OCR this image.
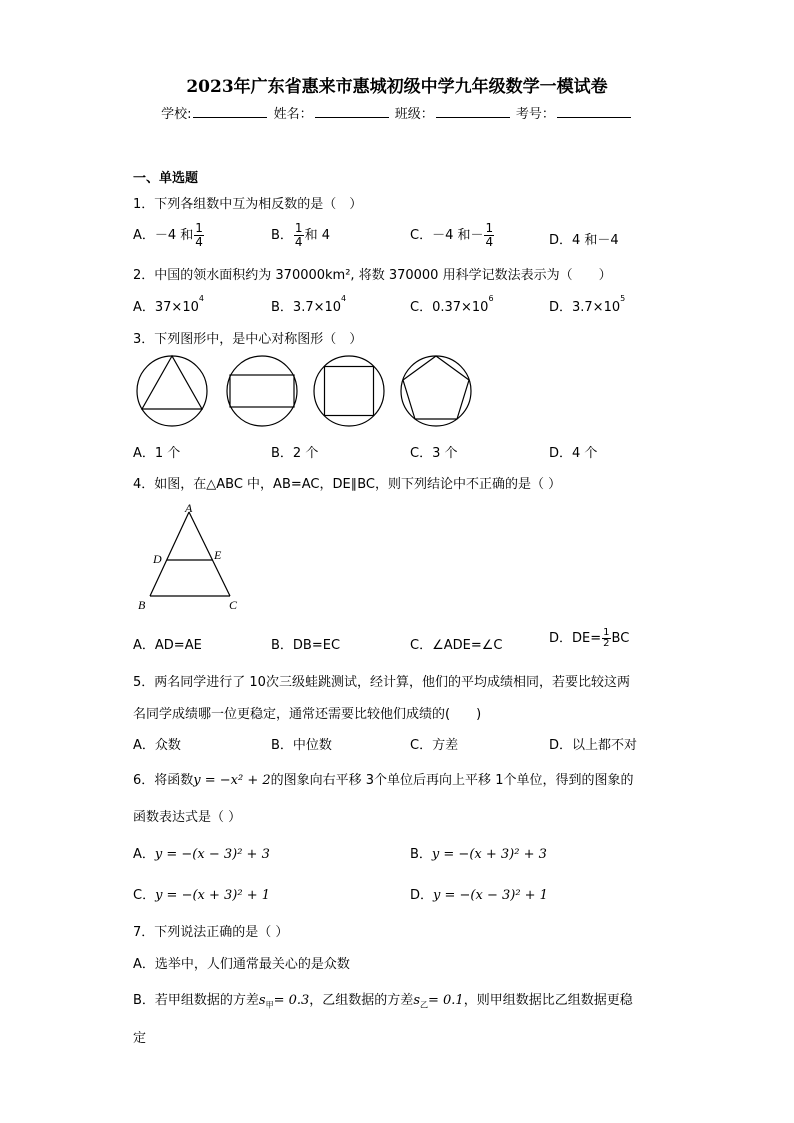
2023年广东省惠来市惠城初级中学九年级数学一模试卷
学校:	姓名：	班级：	考号：
一、单选题
1．下列各组数中互为相反数的是（　）
A．－4 和 $\frac{1}{4}$	B． $\frac{1}{4}$ 和 4	C．－4 和－ $\frac{1}{4}$	D．4 和－4
2．中国的领水面积约为 370000km², 将数 370000 用科学记数法表示为（　　）
A．$37\times 10^4$
B．$3.7\times 10^4$
C．$0.37\times 10^6$
D．$3.7\times 10^5$
3．下列图形中，是中心对称图形（　）
A．1 个	B．2 个	C．3 个	D．4 个
4．如图，在△ABC 中，AB=AC，DE∥BC，则下列结论中不正确的是（ ）
A
D	E
B	C
A．AD=AE	B．DB=EC	C．∠ADE=∠C	D．$DE= \frac{1}{2}$ BC
5．两名同学进行了 10次三级蛙跳测试，经计算，他们的平均成绩相同，若要比较这两
名同学成绩哪一位更稳定，通常还需要比较他们成绩的(　　)
A．众数	B．中位数	C．方差	D．以上都不对
6．将函数y = −x² + 2的图象向右平移 3个单位后再向上平移 1个单位，得到的图象的
函数表达式是（ ）
A．y = −(x − 3)² + 3	B．y = −(x + 3)² + 3
C．y = −(x + 3)² + 1	D．y = −(x − 3)² + 1
7．下列说法正确的是（ ）
A．选举中，人们通常最关心的是众数
B．若甲组数据的方差$s_甲= 0.3$，乙组数据的方差$s_乙= 0.1$，则甲组数据比乙组数据更稳
定
